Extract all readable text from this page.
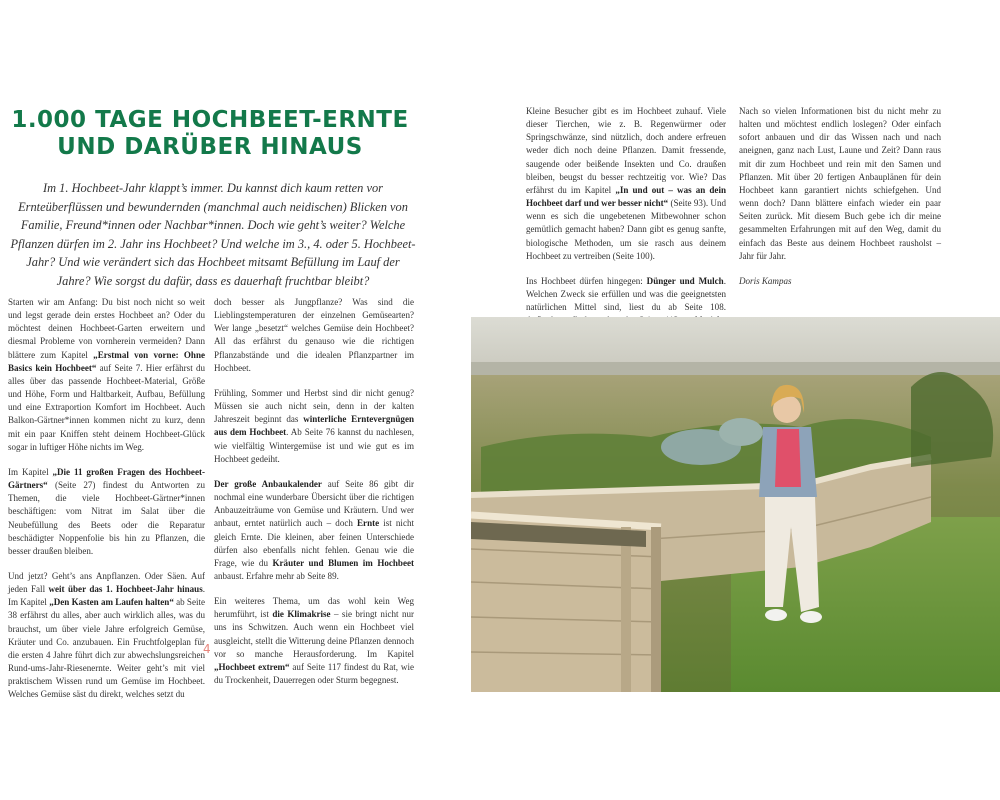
1.000 TAGE HOCHBEET-ERNTE
UND DARÜBER HINAUS
Im 1. Hochbeet-Jahr klappt’s immer. Du kannst dich kaum retten vor Ernteüberflüssen und bewundernden (manchmal auch neidischen) Blicken von Familie, Freund*innen oder Nachbar*innen. Doch wie geht’s weiter? Welche Pflanzen dürfen im 2. Jahr ins Hochbeet? Und welche im 3., 4. oder 5. Hochbeet-Jahr? Und wie verändert sich das Hochbeet mitsamt Befüllung im Lauf der Jahre? Wie sorgst du dafür, dass es dauerhaft fruchtbar bleibt?

Starten wir am Anfang: Du bist noch nicht so weit und legst gerade dein erstes Hochbeet an? Oder du möchtest deinen Hochbeet-Garten erweitern und diesmal Probleme von vornherein vermeiden? Dann blättere zum Kapitel „Erstmal von vorne: Ohne Basics kein Hochbeet“ auf Seite 7. Hier erfährst du alles über das passende Hochbeet-Material, Größe und Höhe, Form und Haltbarkeit, Aufbau, Befüllung und eine Extraportion Komfort im Hochbeet. Auch Balkon-Gärtner*innen kommen nicht zu kurz, denn mit ein paar Kniffen steht deinem Hochbeet-Glück sogar in luftiger Höhe nichts im Weg.

Im Kapitel „Die 11 großen Fragen des Hochbeet-Gärtners“ (Seite 27) findest du Antworten zu Themen, die viele Hochbeet-Gärtner*innen beschäftigen: vom Nitrat im Salat über die Neubefüllung des Beets oder die Reparatur beschädigter Noppenfolie bis hin zu Pflanzen, die besser draußen bleiben.

Und jetzt? Geht’s ans Anpflanzen. Oder Säen. Auf jeden Fall weit über das 1. Hochbeet-Jahr hinaus. Im Kapitel „Den Kasten am Laufen halten“ ab Seite 38 erfährst du alles, aber auch wirklich alles, was du brauchst, um über viele Jahre erfolgreich Gemüse, Kräuter und Co. anzubauen. Ein Fruchtfolgeplan für die ersten 4 Jahre führt dich zur abwechslungsreichen Rund-ums-Jahr-Riesenernte. Weiter geht’s mit viel praktischem Wissen rund um Gemüse im Hochbeet. Welches Gemüse säst du direkt, welches setzt du

doch besser als Jungpflanze? Was sind die Lieblingstemperaturen der einzelnen Gemüsearten? Wer lange „besetzt“ welches Gemüse dein Hochbeet? All das erfährst du genauso wie die richtigen Pflanzabstände und die idealen Pflanzpartner im Hochbeet.

Frühling, Sommer und Herbst sind dir nicht genug? Müssen sie auch nicht sein, denn in der kalten Jahreszeit beginnt das winterliche Erntevergnügen aus dem Hochbeet. Ab Seite 76 kannst du nachlesen, wie vielfältig Wintergemüse ist und wie gut es im Hochbeet gedeiht.

Der große Anbaukalender auf Seite 86 gibt dir nochmal eine wunderbare Übersicht über die richtigen Anbauzeiträume von Gemüse und Kräutern. Und wer anbaut, erntet natürlich auch – doch Ernte ist nicht gleich Ernte. Die kleinen, aber feinen Unterschiede dürfen also ebenfalls nicht fehlen. Genau wie die Frage, wie du Kräuter und Blumen im Hochbeet anbaust. Erfahre mehr ab Seite 89.

Ein weiteres Thema, um das wohl kein Weg herumführt, ist die Klimakrise – sie bringt nicht nur uns ins Schwitzen. Auch wenn ein Hochbeet viel ausgleicht, stellt die Witterung deine Pflanzen dennoch vor so manche Herausforderung. Im Kapitel „Hochbeet extrem“ auf Seite 117 findest du Rat, wie du Trockenheit, Dauerregen oder Sturm begegnest.

4

Kleine Besucher gibt es im Hochbeet zuhauf. Viele dieser Tierchen, wie z. B. Regenwürmer oder Springschwänze, sind nützlich, doch andere erfreuen weder dich noch deine Pflanzen. Damit fressende, saugende oder beißende Insekten und Co. draußen bleiben, beugst du besser rechtzeitig vor. Wie? Das erfährst du im Kapitel „In und out – was an dein Hochbeet darf und wer besser nicht“ (Seite 93). Und wenn es sich die ungebetenen Mitbewohner schon gemütlich gemacht haben? Dann gibt es genug sanfte, biologische Methoden, um sie rasch aus deinem Hochbeet zu vertreiben (Seite 100).

Ins Hochbeet dürfen hingegen: Dünger und Mulch. Welchen Zweck sie erfüllen und was die geeignetsten natürlichen Mittel sind, liest du ab Seite 108.

Nach so vielen Informationen bist du nicht mehr zu halten und möchtest endlich loslegen? Oder einfach sofort anbauen und dir das Wissen nach und nach aneignen, ganz nach Lust, Laune und Zeit? Dann raus mit dir zum Hochbeet und rein mit den Samen und Pflanzen. Mit über 20 fertigen Anbauplänen für dein Hochbeet kann garantiert nichts schiefgehen. Und wenn doch? Dann blättere einfach wieder ein paar Seiten zurück. Mit diesem Buch gebe ich dir meine gesammelten Erfahrungen mit auf den Weg, damit du einfach das Beste aus deinem Hochbeet rausholst – Jahr für Jahr.

Doris Kampas
